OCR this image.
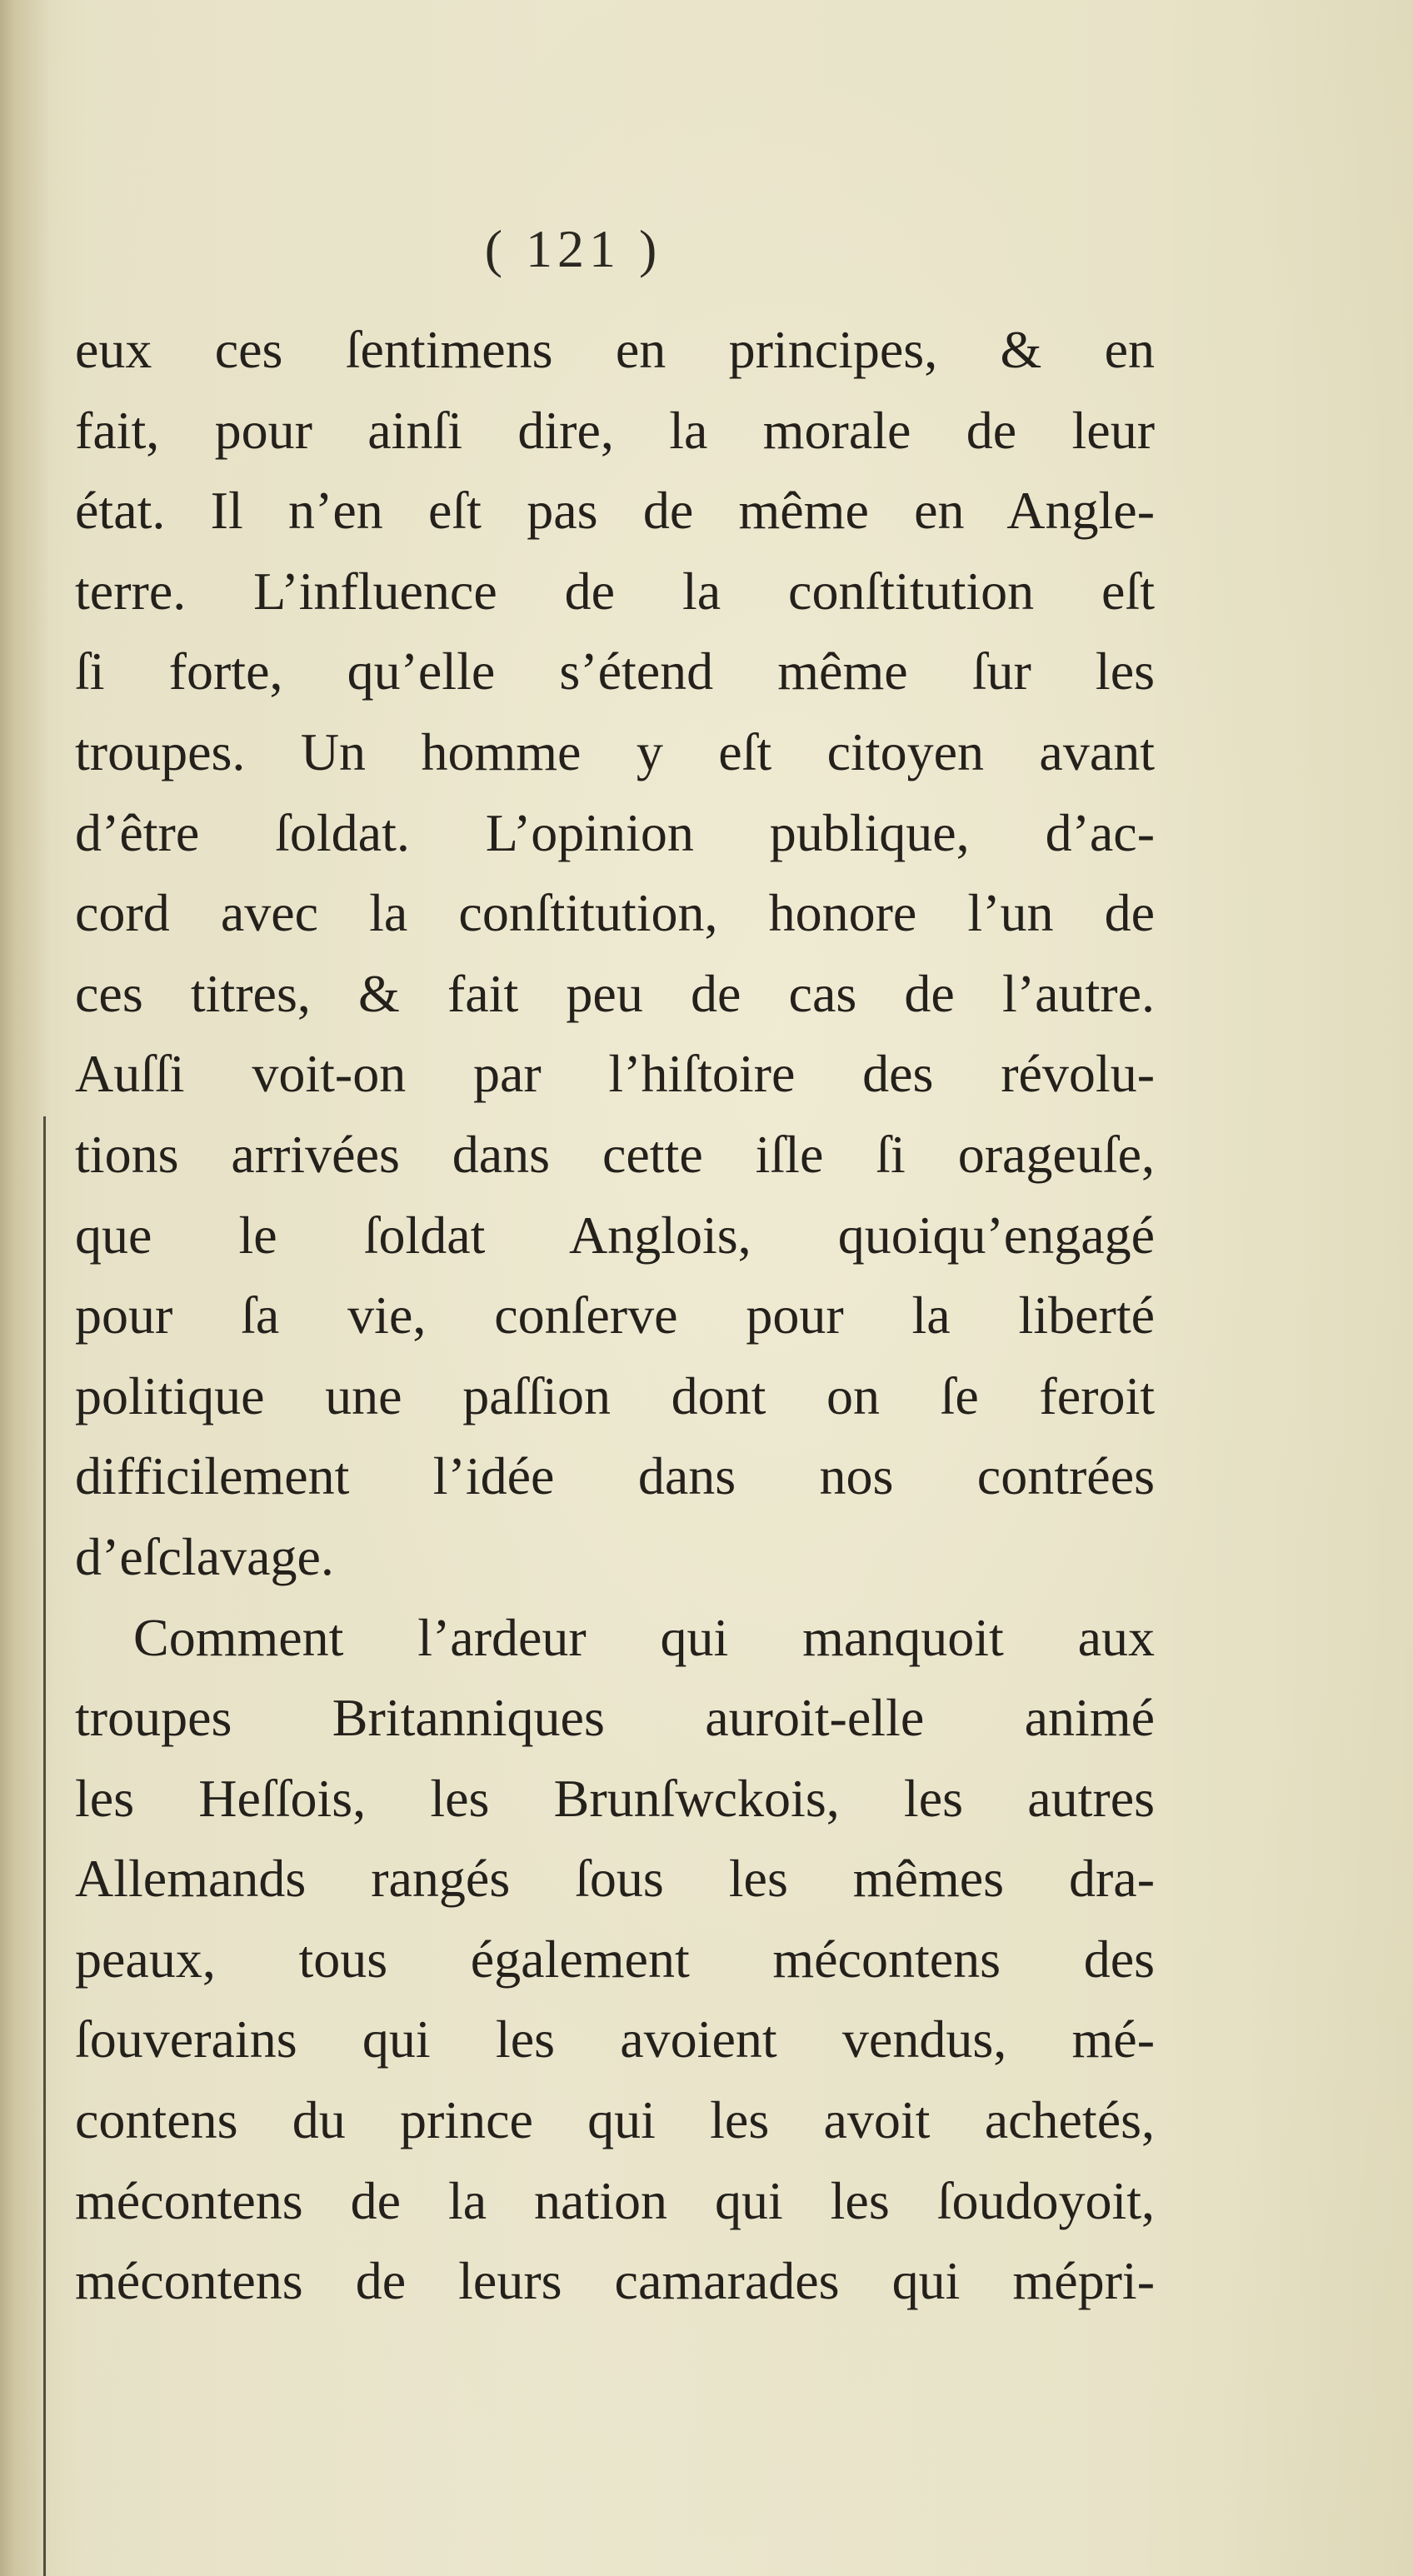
( 121 )
eux ces ſentimens en principes, & en
fait, pour ainſi dire, la morale de leur
état. Il n’en eſt pas de même en Angle-
terre. L’influence de la conſtitution eſt
ſi forte, qu’elle s’étend même ſur les
troupes. Un homme y eſt citoyen avant
d’être ſoldat. L’opinion publique, d’ac-
cord avec la conſtitution, honore l’un de
ces titres, & fait peu de cas de l’autre.
Auſſi voit-on par l’hiſtoire des révolu-
tions arrivées dans cette iſle ſi orageuſe,
que le ſoldat Anglois, quoiqu’engagé
pour ſa vie, conſerve pour la liberté
politique une paſſion dont on ſe feroit
difficilement l’idée dans nos contrées
d’eſclavage.
Comment l’ardeur qui manquoit aux
troupes Britanniques auroit-elle animé
les Heſſois, les Brunſwckois, les autres
Allemands rangés ſous les mêmes dra-
peaux, tous également mécontens des
ſouverains qui les avoient vendus, mé-
contens du prince qui les avoit achetés,
mécontens de la nation qui les ſoudoyoit,
mécontens de leurs camarades qui mépri-
